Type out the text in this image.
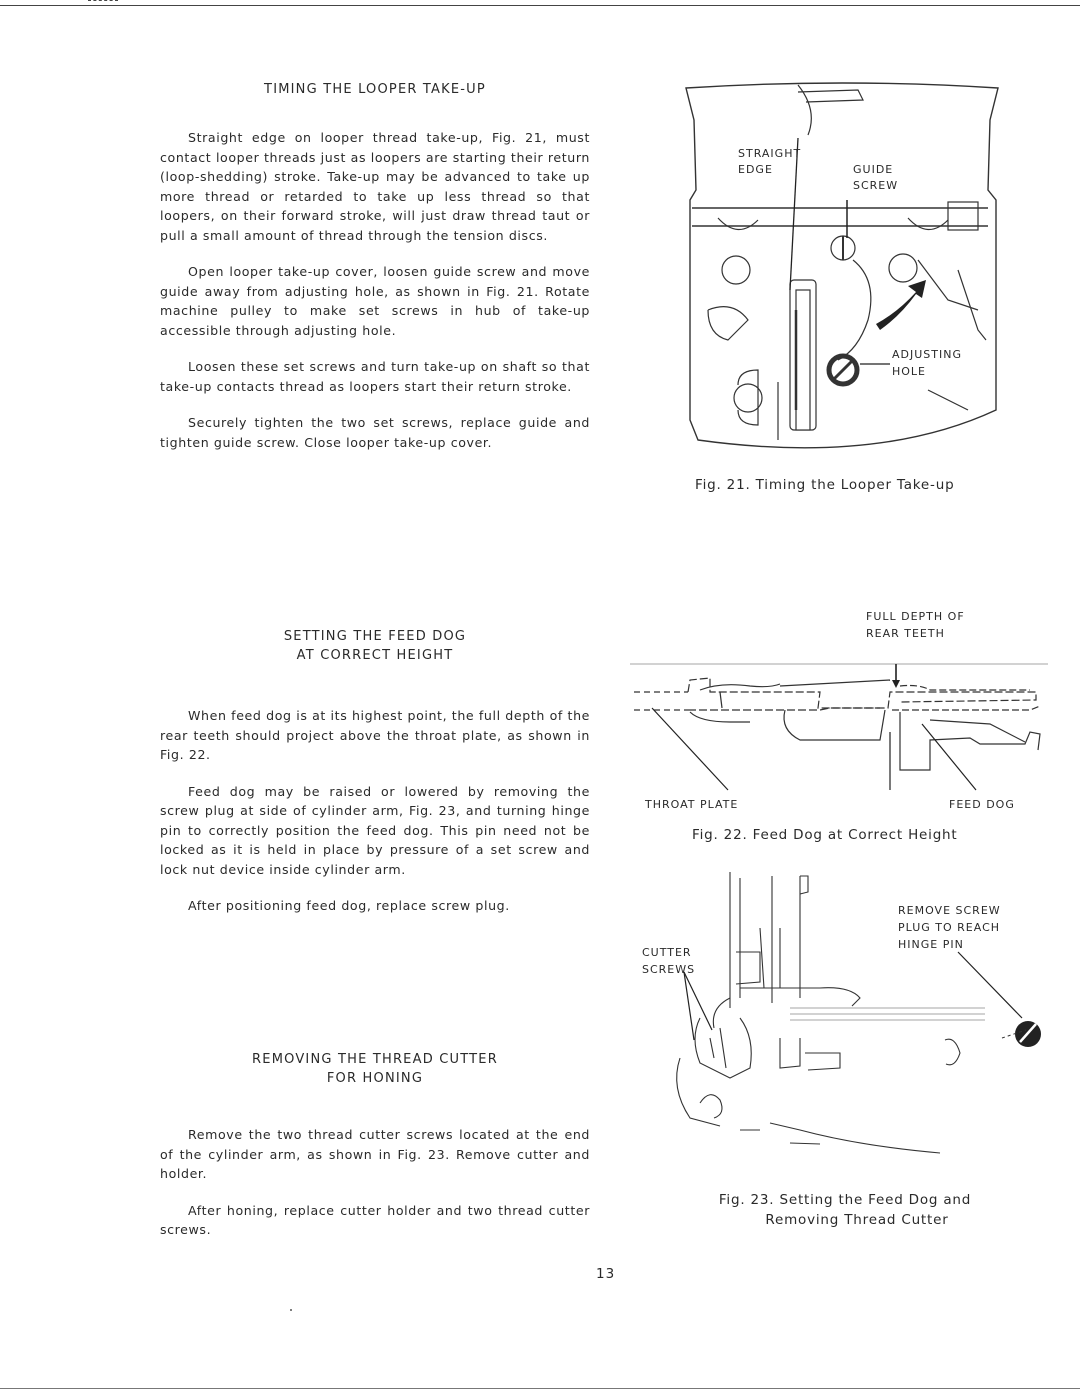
TIMING THE LOOPER TAKE-UP

Straight edge on looper thread take-up, Fig. 21, must contact looper threads just as loopers are starting their return (loop-shedding) stroke. Take-up may be advanced to take up more thread or retarded to take up less thread so that loopers, on their forward stroke, will just draw thread taut or pull a small amount of thread through the tension discs.

Open looper take-up cover, loosen guide screw and move guide away from adjusting hole, as shown in Fig. 21. Rotate machine pulley to make set screws in hub of take-up accessible through adjusting hole.

Loosen these set screws and turn take-up on shaft so that take-up contacts thread as loopers start their return stroke.

Securely tighten the two set screws, replace guide and tighten guide screw. Close looper take-up cover.

SETTING THE FEED DOG
AT CORRECT HEIGHT

When feed dog is at its highest point, the full depth of the rear teeth should project above the throat plate, as shown in Fig. 22.

Feed dog may be raised or lowered by removing the screw plug at side of cylinder arm, Fig. 23, and turning hinge pin to correctly position the feed dog. This pin need not be locked as it is held in place by pressure of a set screw and lock nut device inside cylinder arm.

After positioning feed dog, replace screw plug.

REMOVING THE THREAD CUTTER
FOR HONING

Remove the two thread cutter screws located at the end of the cylinder arm, as shown in Fig. 23. Remove cutter and holder.

After honing, replace cutter holder and two thread cutter screws.

STRAIGHT
EDGE	GUIDE
SCREW
ADJUSTING
HOLE
Fig. 21. Timing the Looper Take-up
FULL DEPTH OF
REAR TEETH
THROAT PLATE	FEED DOG
Fig. 22. Feed Dog at Correct Height
REMOVE SCREW
PLUG TO REACH
HINGE PIN
CUTTER
SCREWS
Fig. 23. Setting the Feed Dog and
Removing Thread Cutter
13
